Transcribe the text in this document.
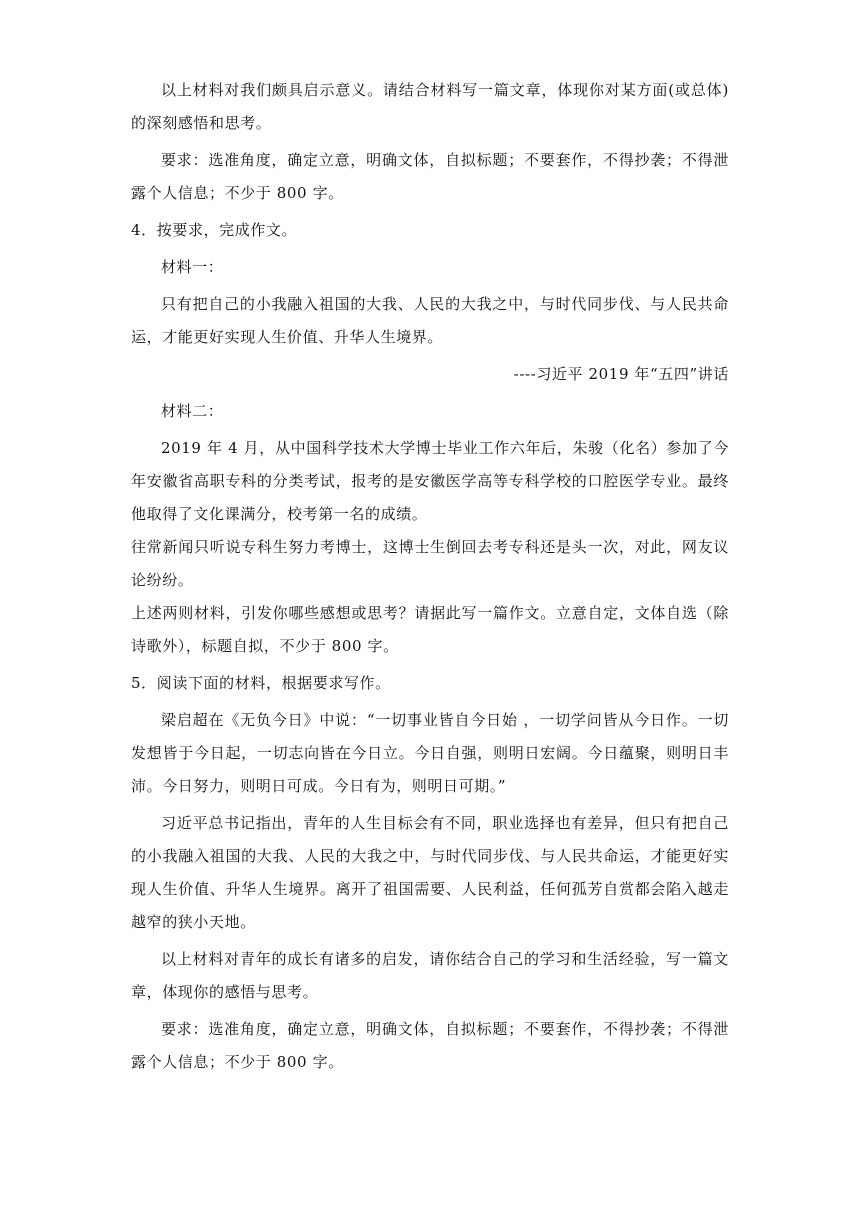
以上材料对我们颇具启示意义。请结合材料写一篇文章，体现你对某方面(或总体)的深刻感悟和思考。

要求：选准角度，确定立意，明确文体，自拟标题；不要套作，不得抄袭；不得泄露个人信息；不少于 800 字。

4．按要求，完成作文。

材料一：

只有把自己的小我融入祖国的大我、人民的大我之中，与时代同步伐、与人民共命运，才能更好实现人生价值、升华人生境界。

----习近平 2019 年“五四”讲话

材料二：

2019 年 4 月，从中国科学技术大学博士毕业工作六年后，朱骏（化名）参加了今年安徽省高职专科的分类考试，报考的是安徽医学高等专科学校的口腔医学专业。最终他取得了文化课满分，校考第一名的成绩。

往常新闻只听说专科生努力考博士，这博士生倒回去考专科还是头一次，对此，网友议论纷纷。

上述两则材料，引发你哪些感想或思考？请据此写一篇作文。立意自定，文体自选（除诗歌外），标题自拟，不少于 800 字。

5．阅读下面的材料，根据要求写作。

梁启超在《无负今日》中说：“一切事业皆自今日始 ，一切学问皆从今日作。一切发想皆于今日起，一切志向皆在今日立。今日自强，则明日宏阔。今日蕴聚，则明日丰沛。今日努力，则明日可成。今日有为，则明日可期。”

习近平总书记指出，青年的人生目标会有不同，职业选择也有差异，但只有把自己的小我融入祖国的大我、人民的大我之中，与时代同步伐、与人民共命运，才能更好实现人生价值、升华人生境界。离开了祖国需要、人民利益，任何孤芳自赏都会陷入越走越窄的狭小天地。

以上材料对青年的成长有诸多的启发，请你结合自己的学习和生活经验，写一篇文章，体现你的感悟与思考。

要求：选准角度，确定立意，明确文体，自拟标题；不要套作，不得抄袭；不得泄露个人信息；不少于 800 字。
